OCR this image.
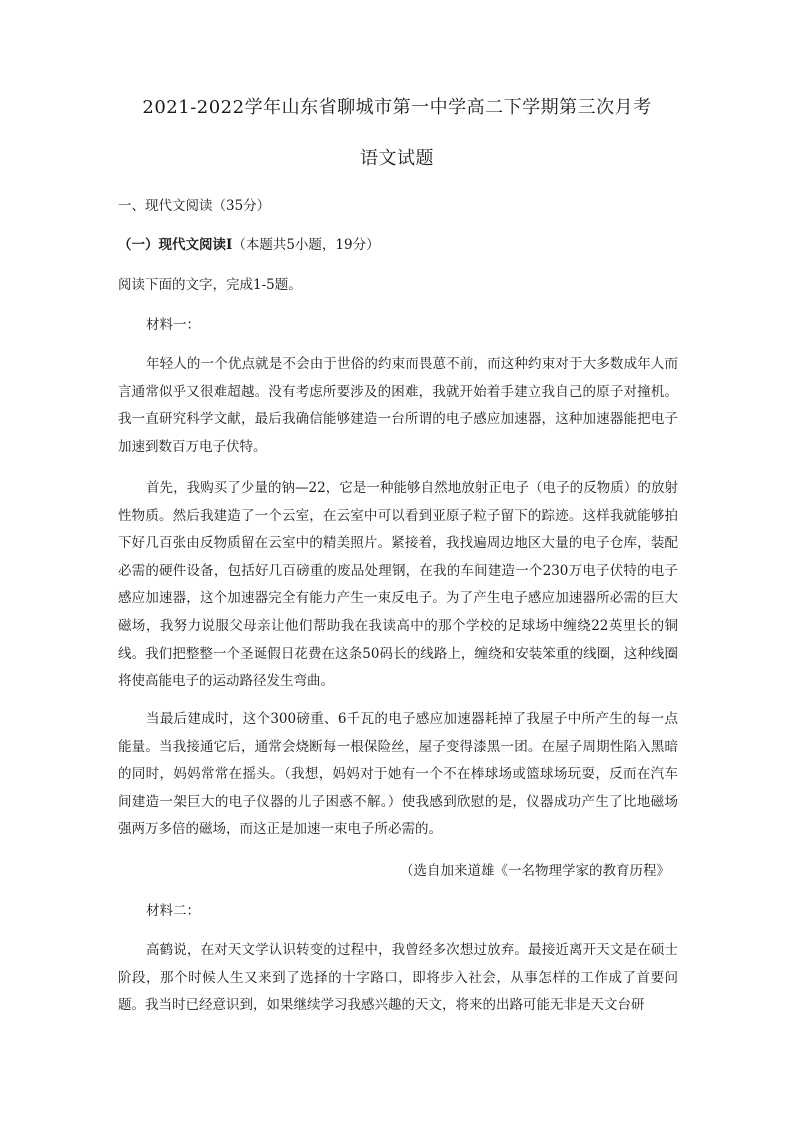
2021-2022学年山东省聊城市第一中学高二下学期第三次月考
语文试题
一、现代文阅读（35分）
（一）现代文阅读Ⅰ（本题共5小题，19分）
阅读下面的文字，完成1-5题。
材料一：

年轻人的一个优点就是不会由于世俗的约束而畏葸不前，而这种约束对于大多数成年人而言通常似乎又很难超越。没有考虑所要涉及的困难，我就开始着手建立我自己的原子对撞机。我一直研究科学文献，最后我确信能够建造一台所谓的电子感应加速器，这种加速器能把电子加速到数百万电子伏特。

首先，我购买了少量的钠—22，它是一种能够自然地放射正电子（电子的反物质）的放射性物质。然后我建造了一个云室，在云室中可以看到亚原子粒子留下的踪迹。这样我就能够拍下好几百张由反物质留在云室中的精美照片。紧接着，我找遍周边地区大量的电子仓库，装配必需的硬件设备，包括好几百磅重的废品处理钢，在我的车间建造一个230万电子伏特的电子感应加速器，这个加速器完全有能力产生一束反电子。为了产生电子感应加速器所必需的巨大磁场，我努力说服父母亲让他们帮助我在我读高中的那个学校的足球场中缠绕22英里长的铜线。我们把整整一个圣诞假日花费在这条50码长的线路上，缠绕和安装笨重的线圈，这种线圈将使高能电子的运动路径发生弯曲。

当最后建成时，这个300磅重、6千瓦的电子感应加速器耗掉了我屋子中所产生的每一点能量。当我接通它后，通常会烧断每一根保险丝，屋子变得漆黑一团。在屋子周期性陷入黑暗的同时，妈妈常常在摇头。（我想，妈妈对于她有一个不在棒球场或篮球场玩耍，反而在汽车间建造一架巨大的电子仪器的儿子困惑不解。）使我感到欣慰的是，仪器成功产生了比地磁场强两万多倍的磁场，而这正是加速一束电子所必需的。

（选自加来道雄《一名物理学家的教育历程》
材料二：

高鹤说，在对天文学认识转变的过程中，我曾经多次想过放弃。最接近离开天文是在硕士阶段，那个时候人生又来到了选择的十字路口，即将步入社会，从事怎样的工作成了首要问题。我当时已经意识到，如果继续学习我感兴趣的天文，将来的出路可能无非是天文台研
